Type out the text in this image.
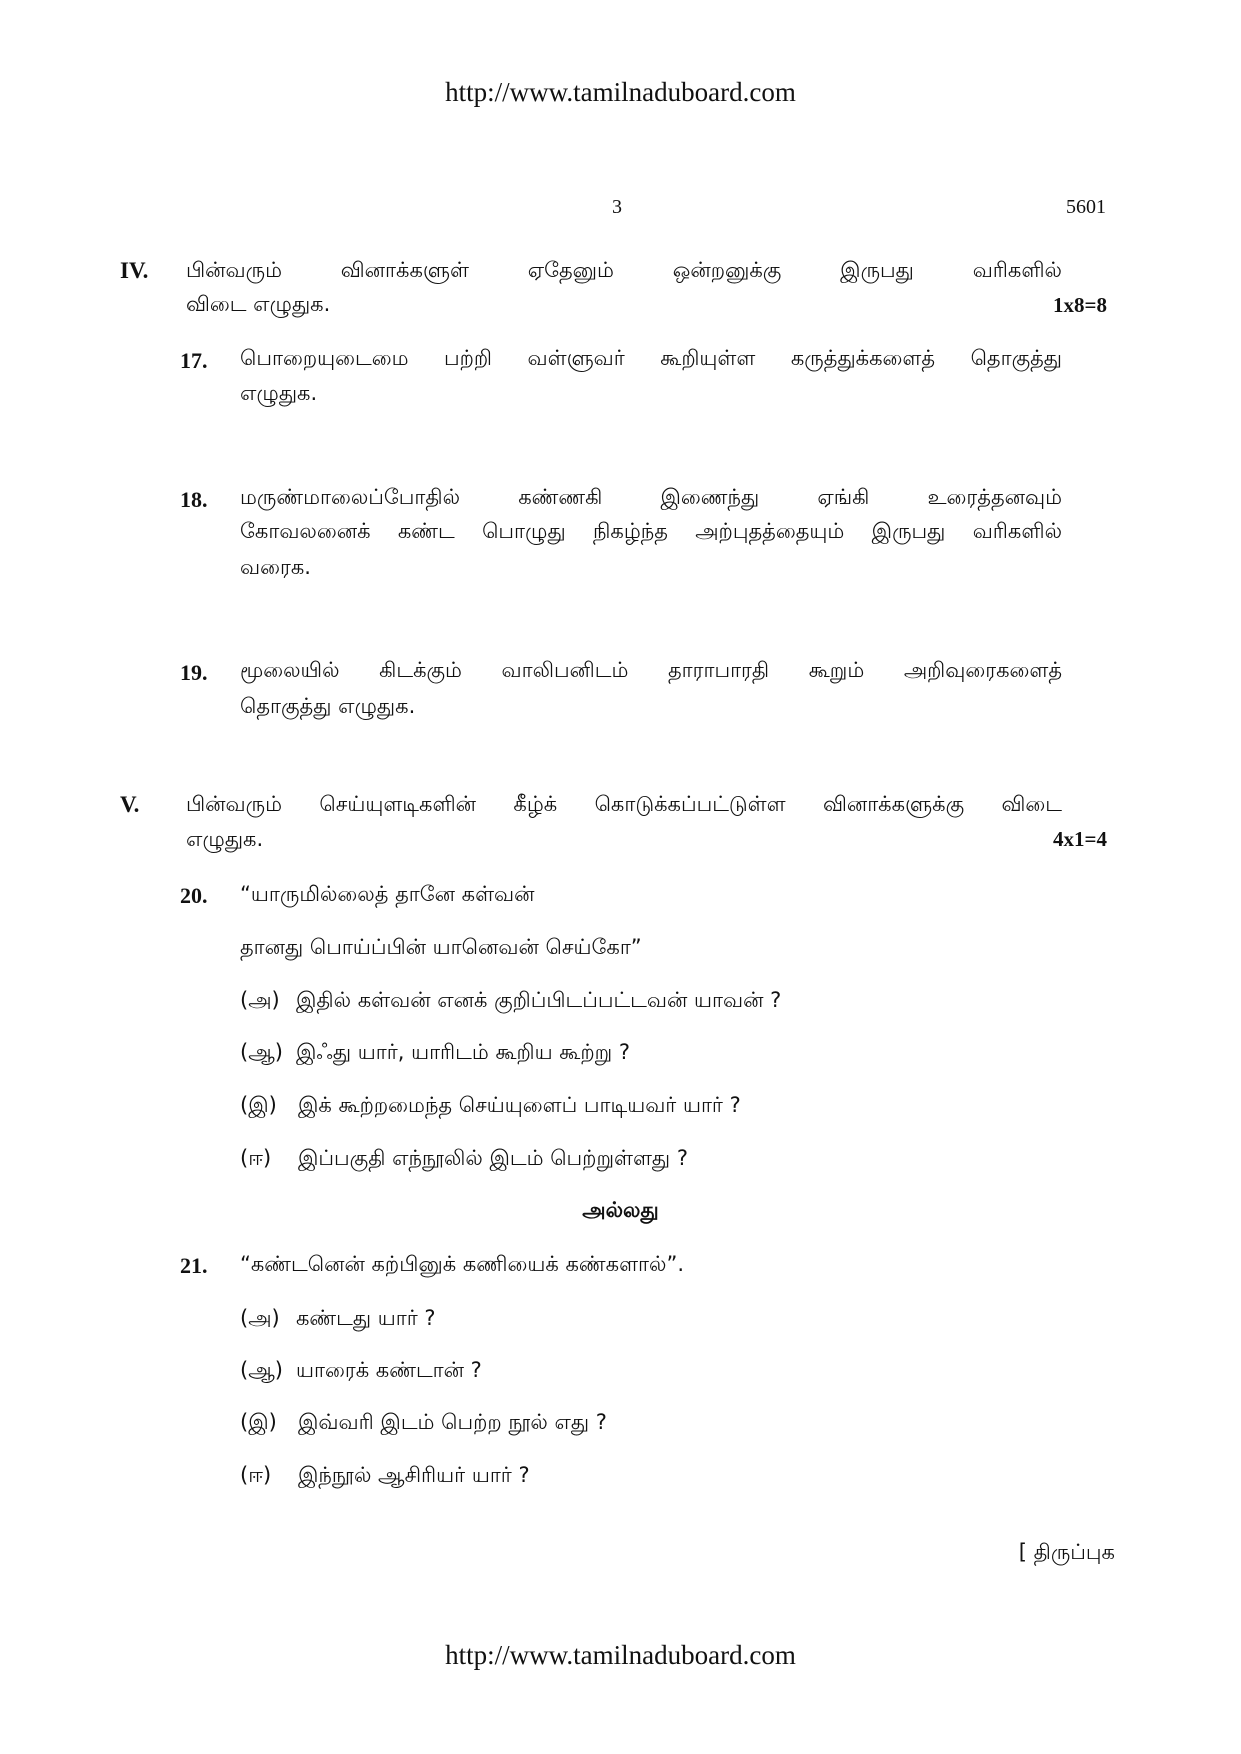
http://www.tamilnaduboard.com
3	5601
IV. பின்வரும் வினாக்களுள் ஏதேனும் ஒன்றனுக்கு இருபது வரிகளில்
விடை எழுதுக.	1x8=8
17. பொறையுடைமை பற்றி வள்ளுவர் கூறியுள்ள கருத்துக்களைத் தொகுத்து
எழுதுக.
18. மருண்மாலைப்போதில் கண்ணகி இணைந்து ஏங்கி உரைத்தனவும்
கோவலனைக் கண்ட பொழுது நிகழ்ந்த அற்புதத்தையும் இருபது வரிகளில்
வரைக.
19. மூலையில் கிடக்கும் வாலிபனிடம் தாராபாரதி கூறும் அறிவுரைகளைத்
தொகுத்து எழுதுக.
V. பின்வரும் செய்யுளடிகளின் கீழ்க் கொடுக்கப்பட்டுள்ள வினாக்களுக்கு விடை
எழுதுக.	4x1=4
20. “யாருமில்லைத் தானே கள்வன்
தானது பொய்ப்பின் யானெவன் செய்கோ”
(அ) இதில் கள்வன் எனக் குறிப்பிடப்பட்டவன் யாவன் ?
(ஆ) இஃது யார், யாரிடம் கூறிய கூற்று ?
(இ) இக் கூற்றமைந்த செய்யுளைப் பாடியவர் யார் ?
(ஈ) இப்பகுதி எந்நூலில் இடம் பெற்றுள்ளது ?
அல்லது
21. “கண்டனென் கற்பினுக் கணியைக் கண்களால்”.
(அ) கண்டது யார் ?
(ஆ) யாரைக் கண்டான் ?
(இ) இவ்வரி இடம் பெற்ற நூல் எது ?
(ஈ) இந்நூல் ஆசிரியர் யார் ?
[ திருப்புக
http://www.tamilnaduboard.com
